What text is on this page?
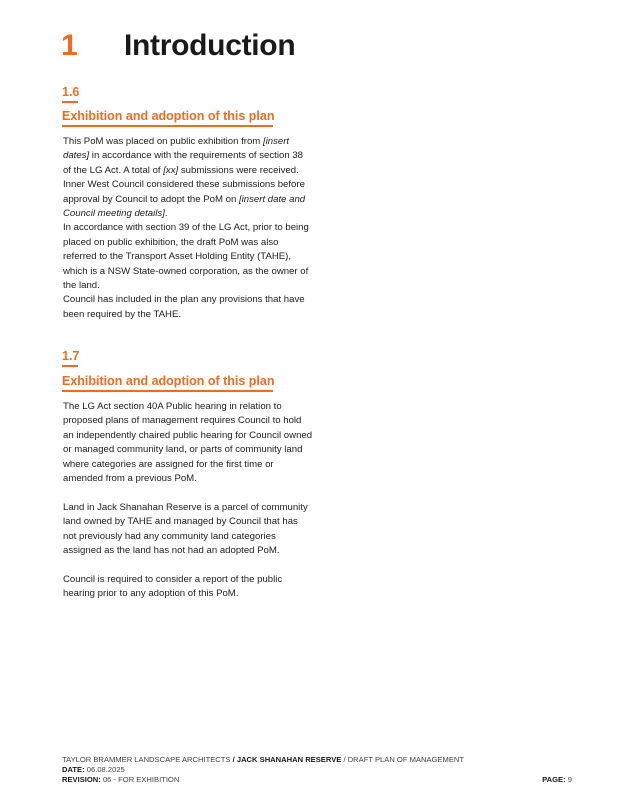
1 Introduction
1.6
Exhibition and adoption of this plan

This PoM was placed on public exhibition from [insert dates] in accordance with the requirements of section 38 of the LG Act. A total of [xx] submissions were received. Inner West Council considered these submissions before approval by Council to adopt the PoM on [insert date and Council meeting details].

In accordance with section 39 of the LG Act, prior to being placed on public exhibition, the draft PoM was also referred to the Transport Asset Holding Entity (TAHE), which is a NSW State-owned corporation, as the owner of the land.

Council has included in the plan any provisions that have been required by the TAHE.

1.7
Exhibition and adoption of this plan

The LG Act section 40A Public hearing in relation to proposed plans of management requires Council to hold an independently chaired public hearing for Council owned or managed community land, or parts of community land where categories are assigned for the first time or amended from a previous PoM.

Land in Jack Shanahan Reserve is a parcel of community land owned by TAHE and managed by Council that has not previously had any community land categories assigned as the land has not had an adopted PoM.

Council is required to consider a report of the public hearing prior to any adoption of this PoM.

TAYLOR BRAMMER LANDSCAPE ARCHITECTS / JACK SHANAHAN RESERVE / DRAFT PLAN OF MANAGEMENT
DATE: 06.08.2025
REVISION: 06 - FOR EXHIBITION	PAGE: 9
